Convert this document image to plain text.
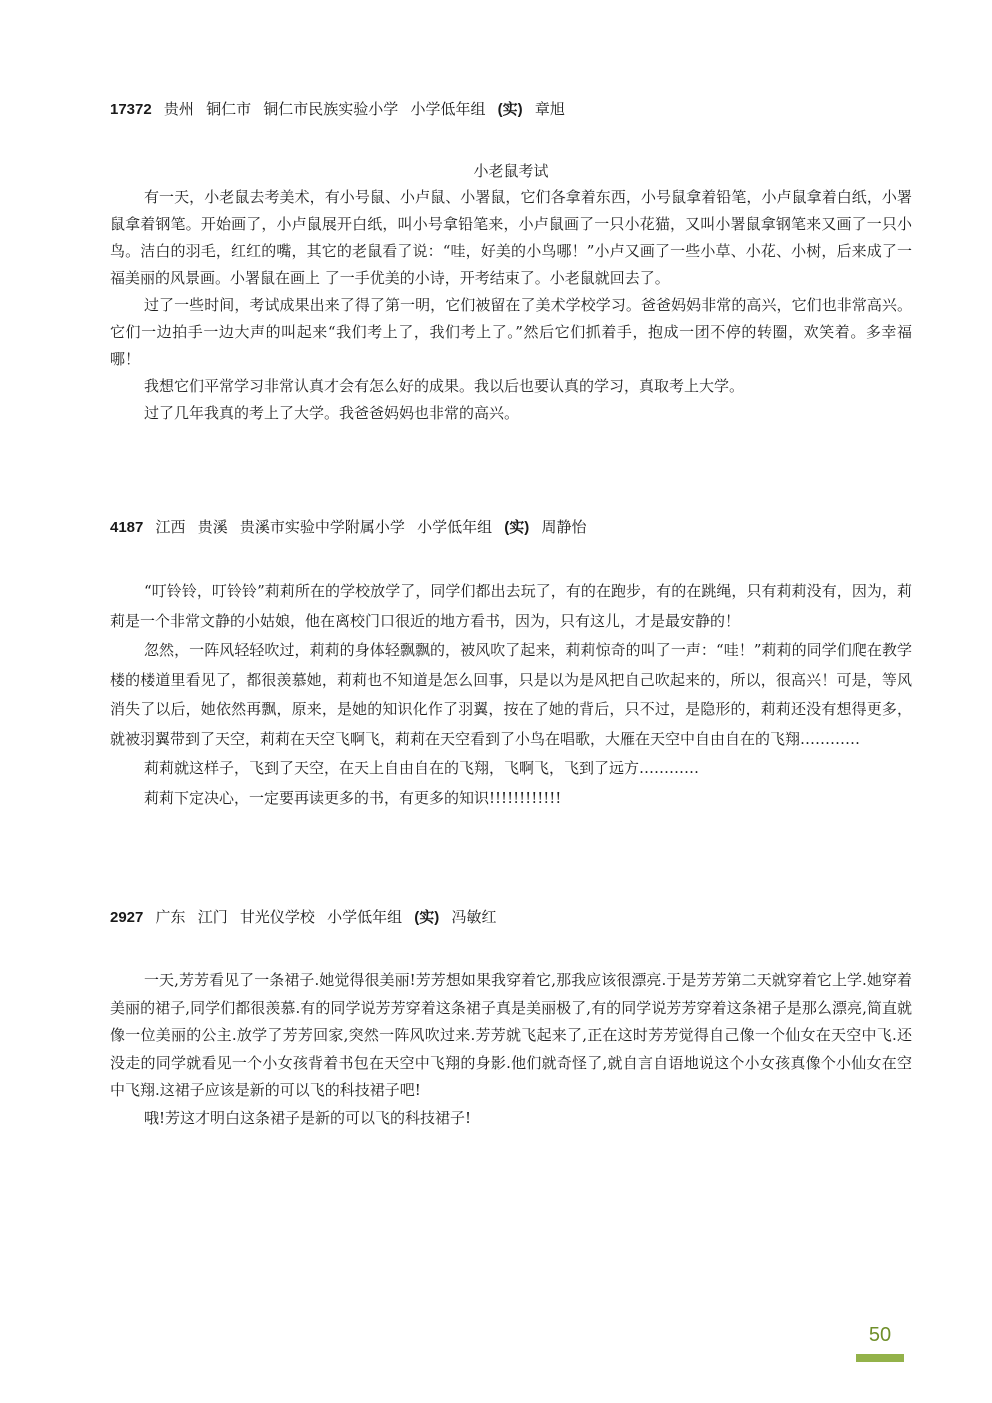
17372 贵州 铜仁市 铜仁市民族实验小学 小学低年组 (实) 章旭
小老鼠考试

有一天，小老鼠去考美术，有小号鼠、小卢鼠、小署鼠，它们各拿着东西，小号鼠拿着铅笔，小卢鼠拿着白纸，小署鼠拿着钢笔。开始画了，小卢鼠展开白纸，叫小号拿铅笔来，小卢鼠画了一只小花猫，又叫小署鼠拿钢笔来又画了一只小鸟。洁白的羽毛，红红的嘴，其它的老鼠看了说：“哇，好美的小鸟哪！”小卢又画了一些小草、小花、小树，后来成了一福美丽的风景画。小署鼠在画上 了一手优美的小诗，开考结束了。小老鼠就回去了。

过了一些时间，考试成果出来了得了第一明，它们被留在了美术学校学习。爸爸妈妈非常的高兴，它们也非常高兴。它们一边拍手一边大声的叫起来“我们考上了，我们考上了。”然后它们抓着手，抱成一团不停的转圈，欢笑着。多幸福哪！

我想它们平常学习非常认真才会有怎么好的成果。我以后也要认真的学习，真取考上大学。

过了几年我真的考上了大学。我爸爸妈妈也非常的高兴。

4187 江西 贵溪 贵溪市实验中学附属小学 小学低年组 (实) 周静怡

“叮铃铃，叮铃铃”莉莉所在的学校放学了，同学们都出去玩了，有的在跑步，有的在跳绳，只有莉莉没有，因为，莉莉是一个非常文静的小姑娘，他在离校门口很近的地方看书，因为，只有这儿，才是最安静的！

忽然，一阵风轻轻吹过，莉莉的身体轻飘飘的，被风吹了起来，莉莉惊奇的叫了一声：“哇！”莉莉的同学们爬在教学楼的楼道里看见了，都很羡慕她，莉莉也不知道是怎么回事，只是以为是风把自己吹起来的，所以，很高兴！可是，等风消失了以后，她依然再飘，原来，是她的知识化作了羽翼，按在了她的背后，只不过，是隐形的，莉莉还没有想得更多，就被羽翼带到了天空，莉莉在天空飞啊飞，莉莉在天空看到了小鸟在唱歌，大雁在天空中自由自在的飞翔…………

莉莉就这样子，飞到了天空，在天上自由自在的飞翔，飞啊飞，飞到了远方…………

莉莉下定决心，一定要再读更多的书，有更多的知识!!!!!!!!!!!!

2927 广东 江门 甘光仪学校 小学低年组 (实) 冯敏红

一天,芳芳看见了一条裙子.她觉得很美丽!芳芳想如果我穿着它,那我应该很漂亮.于是芳芳第二天就穿着它上学.她穿着美丽的裙子,同学们都很羡慕.有的同学说芳芳穿着这条裙子真是美丽极了,有的同学说芳芳穿着这条裙子是那么漂亮,简直就像一位美丽的公主.放学了芳芳回家,突然一阵风吹过来.芳芳就飞起来了,正在这时芳芳觉得自己像一个仙女在天空中飞.还没走的同学就看见一个小女孩背着书包在天空中飞翔的身影.他们就奇怪了,就自言自语地说这个小女孩真像个小仙女在空中飞翔.这裙子应该是新的可以飞的科技裙子吧!

哦!芳这才明白这条裙子是新的可以飞的科技裙子!

50
